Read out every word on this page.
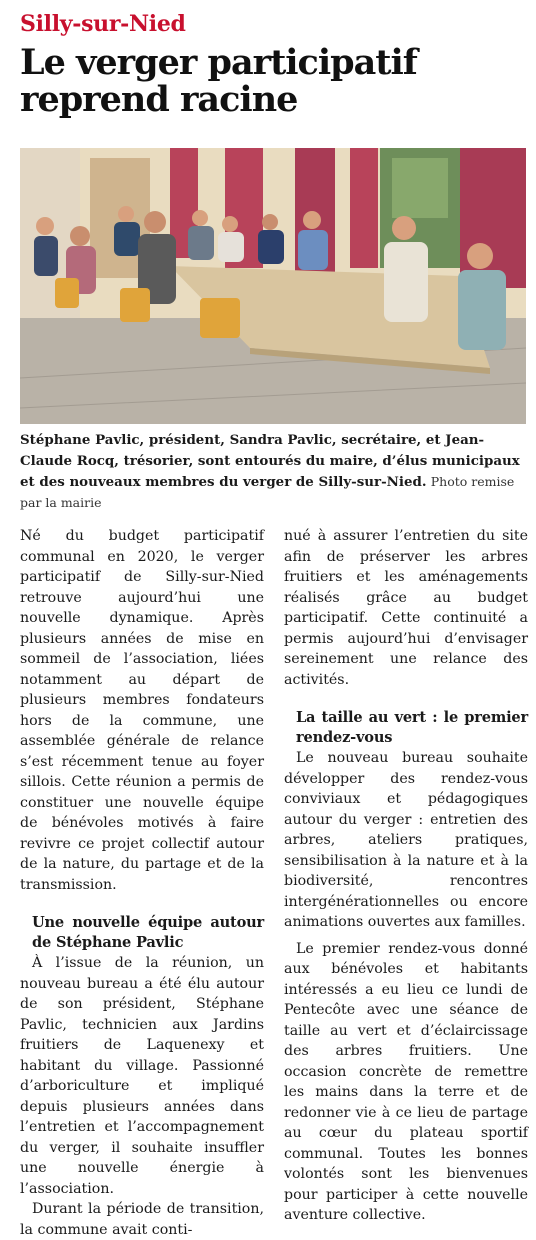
Silly-sur-Nied
Le verger participatif reprend racine
Stéphane Pavlic, président, Sandra Pavlic, secrétaire, et Jean-Claude Rocq, trésorier, sont entourés du maire, d’élus municipaux et des nouveaux membres du verger de Silly-sur-Nied. Photo remise par la mairie

Né du budget participatif communal en 2020, le verger participatif de Silly-sur-Nied retrouve aujourd’hui une nouvelle dynamique. Après plusieurs années de mise en sommeil de l’association, liées notamment au départ de plusieurs membres fondateurs hors de la commune, une assemblée générale de relance s’est récemment tenue au foyer sillois. Cette réunion a permis de constituer une nouvelle équipe de bénévoles motivés à faire revivre ce projet collectif autour de la nature, du partage et de la transmission.

Une nouvelle équipe autour de Stéphane Pavlic

À l’issue de la réunion, un nouveau bureau a été élu autour de son président, Stéphane Pavlic, technicien aux Jardins fruitiers de Laquenexy et habitant du village. Passionné d’arboriculture et impliqué depuis plusieurs années dans l’entretien et l’accompagnement du verger, il souhaite insuffler une nouvelle énergie à l’association.

Durant la période de transition, la commune avait conti-

nué à assurer l’entretien du site afin de préserver les arbres fruitiers et les aménagements réalisés grâce au budget participatif. Cette continuité a permis aujourd’hui d’envisager sereinement une relance des activités.

La taille au vert : le premier rendez-vous

Le nouveau bureau souhaite développer des rendez-vous conviviaux et pédagogiques autour du verger : entretien des arbres, ateliers pratiques, sensibilisation à la nature et à la biodiversité, rencontres intergénérationnelles ou encore animations ouvertes aux familles.

Le premier rendez-vous donné aux bénévoles et habitants intéressés a eu lieu ce lundi de Pentecôte avec une séance de taille au vert et d’éclaircissage des arbres fruitiers. Une occasion concrète de remettre les mains dans la terre et de redonner vie à ce lieu de partage au cœur du plateau sportif communal. Toutes les bonnes volontés sont les bienvenues pour participer à cette nouvelle aventure collective.
